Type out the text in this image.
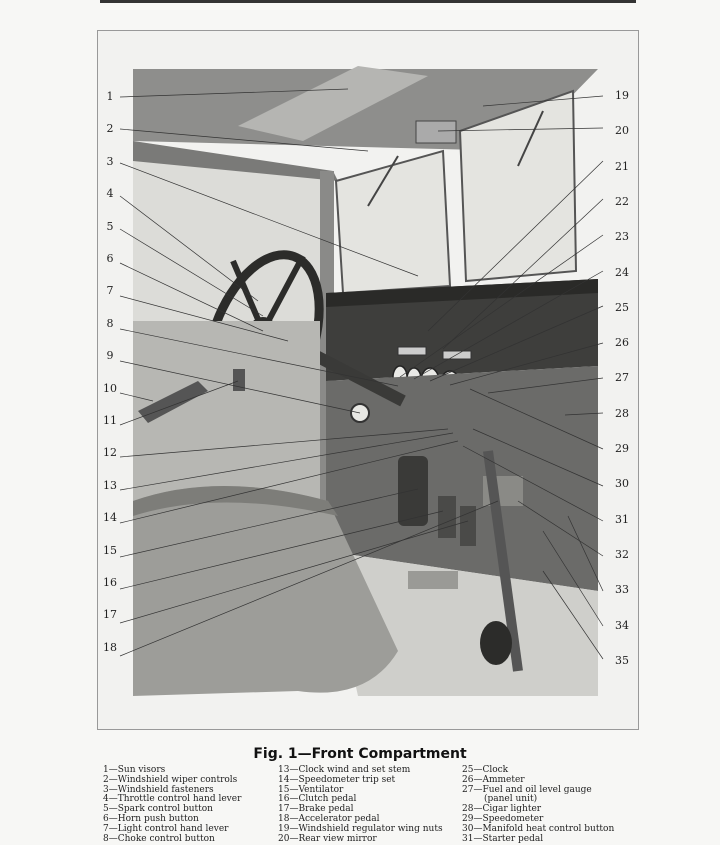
1
2
3
4
5
6
7
8
9
10
11
12
13
14
15
16
17
18
19
20
21
22
23
24
25
26
27
28
29
30
31
32
33
34
35
Fig. 1—Front Compartment
1—Sun visors
2—Windshield wiper controls
3—Windshield fasteners
4—Throttle control hand lever
5—Spark control button
6—Horn push button
7—Light control hand lever
8—Choke control button
13—Clock wind and set stem
14—Speedometer trip set
15—Ventilator
16—Clutch pedal
17—Brake pedal
18—Accelerator pedal
19—Windshield regulator wing nuts
20—Rear view mirror
25—Clock
26—Ammeter
27—Fuel and oil level gauge
(panel unit)
28—Cigar lighter
29—Speedometer
30—Manifold heat control button
31—Starter pedal
